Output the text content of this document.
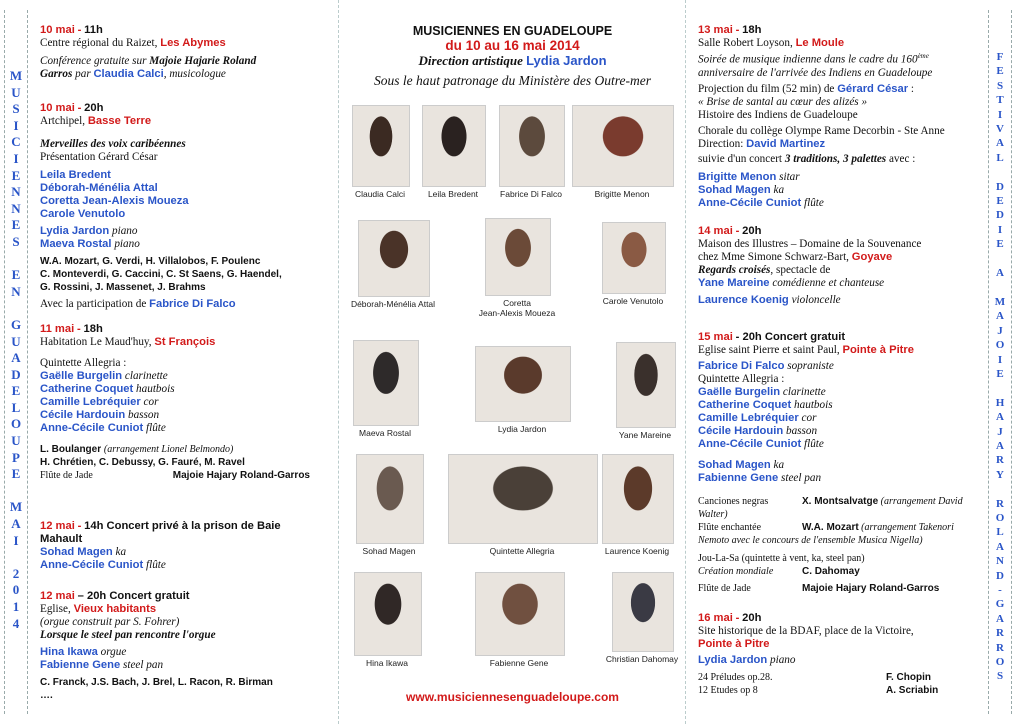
M
U
S
I
C
I
E
N
N
E
S

E
N

G
U
A
D
E
L
O
U
P
E

M
A
I

2
0
1
4
F
E
S
T
I
V
A
L

D
E
D
I
E

A

M
A
J
O
I
E

H
A
J
A
R
Y

R
O
L
A
N
D
-
G
A
R
R
O
S
10 mai - 11h
Centre régional du Raizet, Les Abymes
Conférence gratuite sur Majoie Hajarie Roland
Garros par Claudia Calci, musicologue
10 mai - 20h
Artchipel, Basse Terre
Merveilles des voix caribéennes
Présentation Gérard César
Leila Bredent
Déborah-Ménélia Attal
Coretta Jean-Alexis Moueza
Carole Venutolo
Lydia Jardon piano
Maeva Rostal piano
W.A. Mozart, G. Verdi, H. Villalobos, F. Poulenc
C. Monteverdi, G. Caccini, C. St Saens, G. Haendel,
G. Rossini, J. Massenet, J. Brahms
Avec la participation de Fabrice Di Falco
11 mai - 18h
Habitation Le Maud'huy, St François
Quintette Allegria :
Gaëlle Burgelin clarinette
Catherine Coquet hautbois
Camille Lebréquier cor
Cécile Hardouin basson
Anne-Cécile Cuniot flûte
L. Boulanger (arrangement Lionel Belmondo)
H. Chrétien, C. Debussy, G. Fauré, M. Ravel
Flûte de Jade	Majoie Hajary Roland-Garros
12 mai - 14h Concert privé à la prison de Baie
Mahault
Sohad Magen ka
Anne-Cécile Cuniot flûte
12 mai – 20h Concert gratuit
Eglise, Vieux habitants
(orgue construit par S. Fohrer)
Lorsque le steel pan rencontre l'orgue
Hina Ikawa orgue
Fabienne Gene steel pan
C. Franck, J.S. Bach, J. Brel, L. Racon, R. Birman
….
MUSICIENNES EN GUADELOUPE
du 10 au 16 mai 2014
Direction artistique Lydia Jardon
Sous le haut patronage du Ministère des Outre-mer
Claudia Calci	Leila Bredent	Fabrice Di Falco	Brigitte Menon
Déborah-Ménélia Attal	Coretta
Jean-Alexis Moueza
Carole Venutolo
Maeva Rostal	Lydia Jardon
Yane Mareine
Sohad Magen	Quintette Allegria	Laurence Koenig
Hina Ikawa	Fabienne Gene	Christian Dahomay
www.musiciennesenguadeloupe.com
13 mai - 18h
Salle Robert Loyson, Le Moule
Soirée de musique indienne dans le cadre du 160ème
anniversaire de l'arrivée des Indiens en Guadeloupe
Projection du film (52 min) de Gérard César :
« Brise de santal au cœur des alizés »
Histoire des Indiens de Guadeloupe
Chorale du collège Olympe Rame Decorbin - Ste Anne
Direction: David Martinez
suivie d'un concert 3 traditions, 3 palettes avec :
Brigitte Menon sitar
Sohad Magen ka
Anne-Cécile Cuniot flûte
14 mai - 20h
Maison des Illustres – Domaine de la Souvenance
chez Mme Simone Schwarz-Bart, Goyave
Regards croisés, spectacle de
Yane Mareine comédienne et chanteuse
Laurence Koenig violoncelle
15 mai - 20h Concert gratuit
Eglise saint Pierre et saint Paul, Pointe à Pitre
Fabrice Di Falco sopraniste
Quintette Allegria :
Gaëlle Burgelin clarinette
Catherine Coquet hautbois
Camille Lebréquier cor
Cécile Hardouin basson
Anne-Cécile Cuniot flûte
Sohad Magen ka
Fabienne Gene steel pan
Canciones negras	X. Montsalvatge (arrangement David
Walter)
Flûte enchantée	W.A. Mozart (arrangement Takenori
Nemoto avec le concours de l'ensemble Musica Nigella)
Jou-La-Sa (quintette à vent, ka, steel pan)
Création mondiale	C. Dahomay
Flûte de Jade	Majoie Hajary Roland-Garros
16 mai - 20h
Site historique de la BDAF, place de la Victoire,
Pointe à Pitre
Lydia Jardon piano
24 Préludes op.28.	F. Chopin
12 Etudes op 8	A. Scriabin
